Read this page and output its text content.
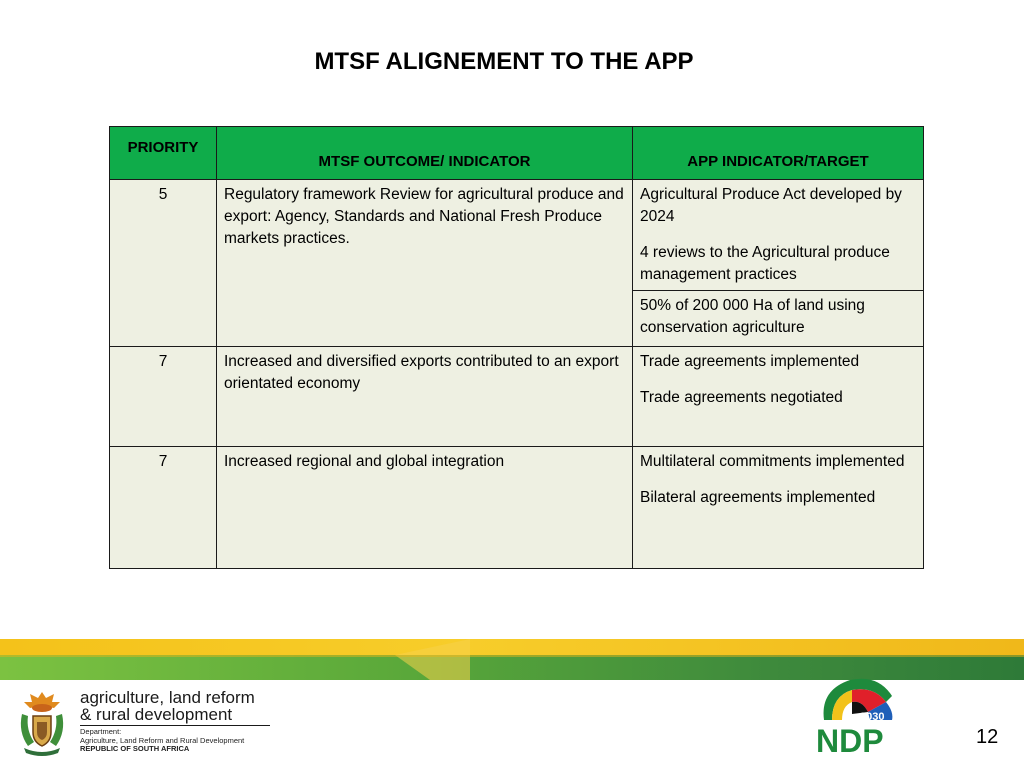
MTSF ALIGNEMENT TO THE APP
PRIORITY	MTSF OUTCOME/ INDICATOR	APP INDICATOR/TARGET
5	Regulatory framework Review for agricultural produce and export: Agency, Standards and National Fresh Produce markets practices.	Agricultural Produce Act developed by 2024

4 reviews to the Agricultural produce management practices

		50% of 200 000 Ha of land using conservation agriculture

7	Increased and diversified exports contributed to an export orientated economy	Trade agreements implemented

Trade agreements negotiated

7	Increased regional and global integration	Multilateral commitments implemented

Bilateral agreements implemented

agriculture, land reform
& rural development
Department:
Agriculture, Land Reform and Rural Development
REPUBLIC OF SOUTH AFRICA
2030
NDP	12
